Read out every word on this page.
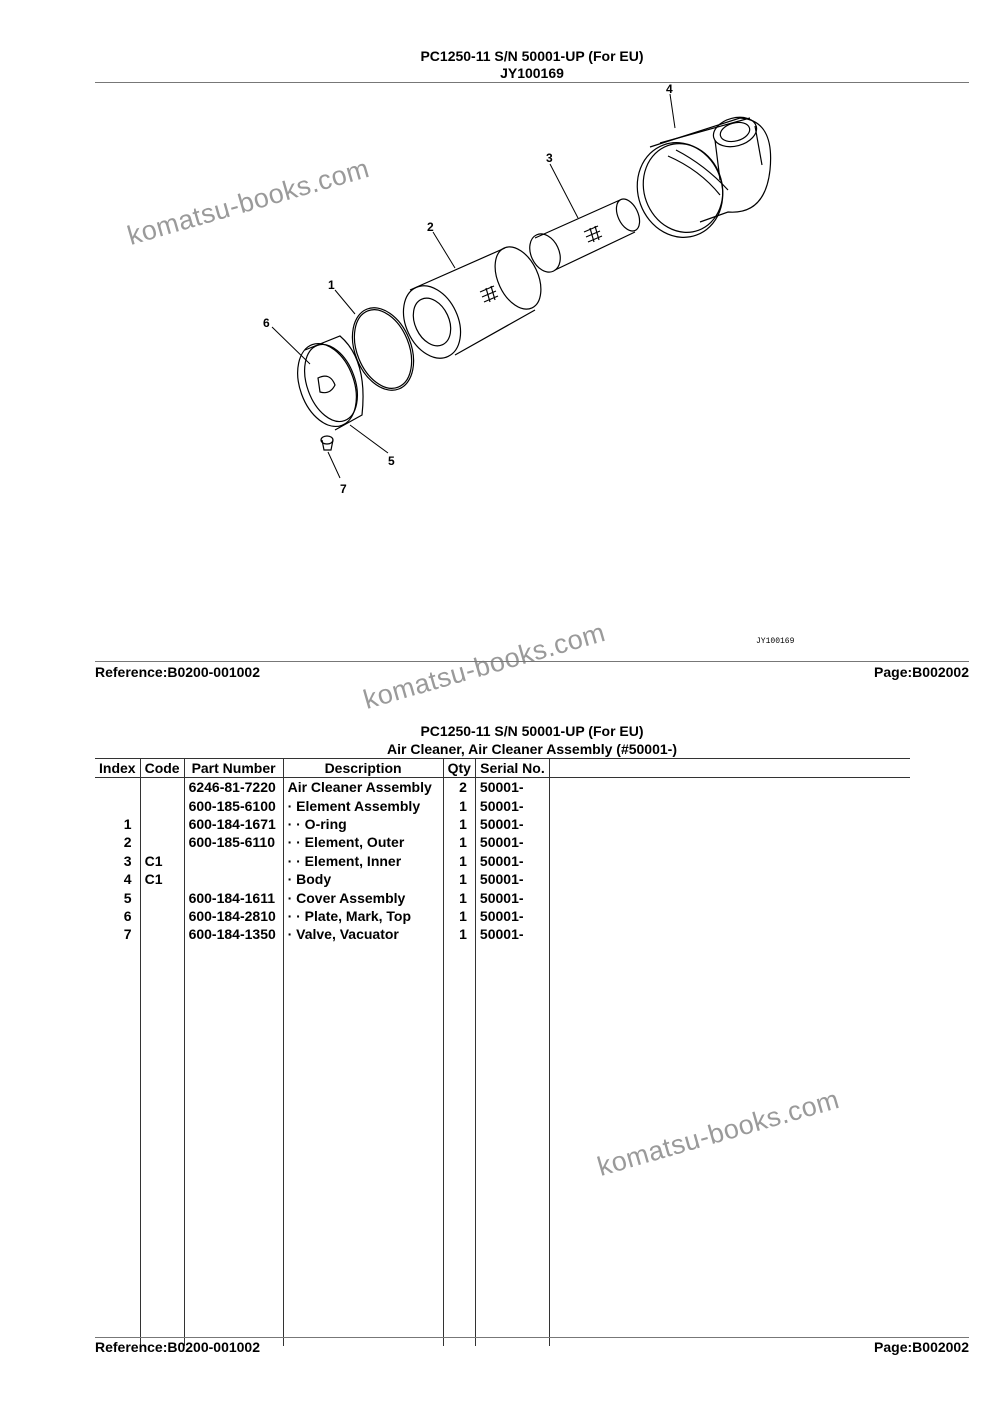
PC1250-11 S/N 50001-UP (For EU)
JY100169
komatsu-books.com
komatsu-books.com
komatsu-books.com
4
3
2
1
6
5
7
JY100169
Reference:B0200-001002	Page:B002002
PC1250-11 S/N 50001-UP (For EU)
Air Cleaner, Air Cleaner Assembly (#50001-)
Index	Code	Part Number	Description	Qty	Serial No.	
		6246-81-7220	Air Cleaner Assembly	2	50001-	
		600-185-6100	· Element Assembly	1	50001-	
1		600-184-1671	· · O-ring	1	50001-	
2		600-185-6110	· · Element, Outer	1	50001-	
3	C1		· · Element, Inner	1	50001-	
4	C1		· Body	1	50001-	
5		600-184-1611	· Cover Assembly	1	50001-	
6		600-184-2810	· · Plate, Mark, Top	1	50001-	
7		600-184-1350	· Valve, Vacuator	1	50001-	

Reference:B0200-001002	Page:B002002
